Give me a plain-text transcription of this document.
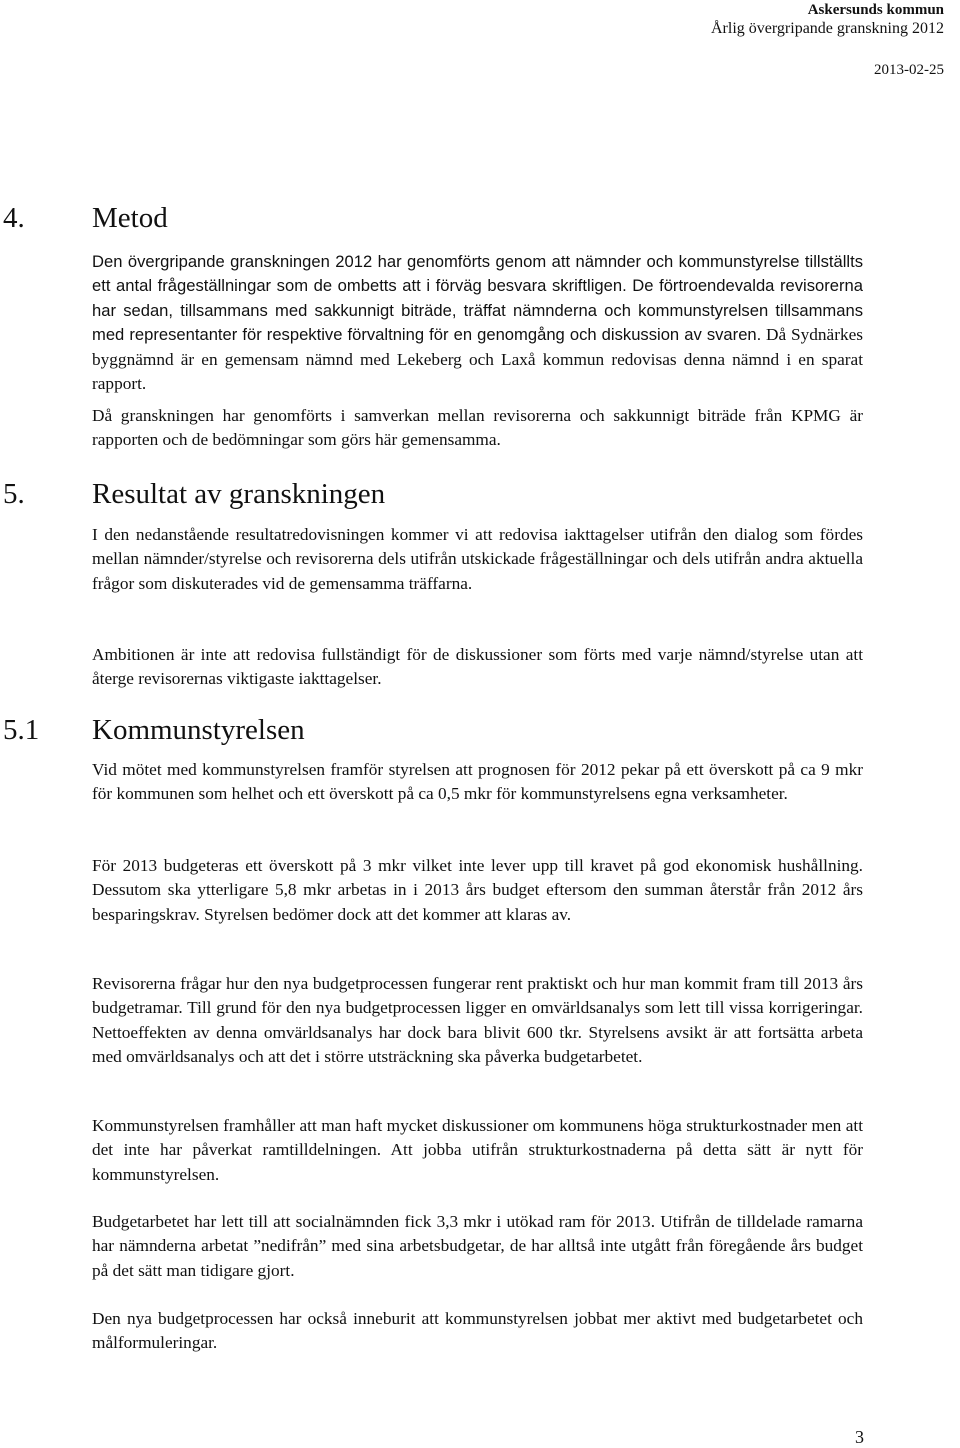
Askersunds kommun
Årlig övergripande granskning 2012
2013-02-25
4. Metod

Den övergripande granskningen 2012 har genomförts genom att nämnder och kommunstyrelse tillställts ett antal frågeställningar som de ombetts att i förväg besvara skriftligen. De förtroendevalda revisorerna har sedan, tillsammans med sakkunnigt biträde, träffat nämnderna och kommunstyrelsen tillsammans med representanter för respektive förvaltning för en genomgång och diskussion av svaren. Då Sydnärkes byggnämnd är en gemensam nämnd med Lekeberg och Laxå kommun redovisas denna nämnd i en sparat rapport.

Då granskningen har genomförts i samverkan mellan revisorerna och sakkunnigt biträde från KPMG är rapporten och de bedömningar som görs här gemensamma.

5. Resultat av granskningen

I den nedanstående resultatredovisningen kommer vi att redovisa iakttagelser utifrån den dialog som fördes mellan nämnder/styrelse och revisorerna dels utifrån utskickade frågeställningar och dels utifrån andra aktuella frågor som diskuterades vid de gemensamma träffarna.

Ambitionen är inte att redovisa fullständigt för de diskussioner som förts med varje nämnd/styrelse utan att återge revisorernas viktigaste iakttagelser.

5.1 Kommunstyrelsen

Vid mötet med kommunstyrelsen framför styrelsen att prognosen för 2012 pekar på ett överskott på ca 9 mkr för kommunen som helhet och ett överskott på ca 0,5 mkr för kommunstyrelsens egna verksamheter.

För 2013 budgeteras ett överskott på 3 mkr vilket inte lever upp till kravet på god ekonomisk hushållning. Dessutom ska ytterligare 5,8 mkr arbetas in i 2013 års budget eftersom den summan återstår från 2012 års besparingskrav. Styrelsen bedömer dock att det kommer att klaras av.

Revisorerna frågar hur den nya budgetprocessen fungerar rent praktiskt och hur man kommit fram till 2013 års budgetramar. Till grund för den nya budgetprocessen ligger en omvärldsanalys som lett till vissa korrigeringar. Nettoeffekten av denna omvärldsanalys har dock bara blivit 600 tkr. Styrelsens avsikt är att fortsätta arbeta med omvärldsanalys och att det i större utsträckning ska påverka budgetarbetet.

Kommunstyrelsen framhåller att man haft mycket diskussioner om kommunens höga strukturkostnader men att det inte har påverkat ramtilldelningen. Att jobba utifrån strukturkostnaderna på detta sätt är nytt för kommunstyrelsen.

Budgetarbetet har lett till att socialnämnden fick 3,3 mkr i utökad ram för 2013. Utifrån de tilldelade ramarna har nämnderna arbetat ”nedifrån” med sina arbetsbudgetar, de har alltså inte utgått från föregående års budget på det sätt man tidigare gjort.

Den nya budgetprocessen har också inneburit att kommunstyrelsen jobbat mer aktivt med budgetarbetet och målformuleringar.

3
